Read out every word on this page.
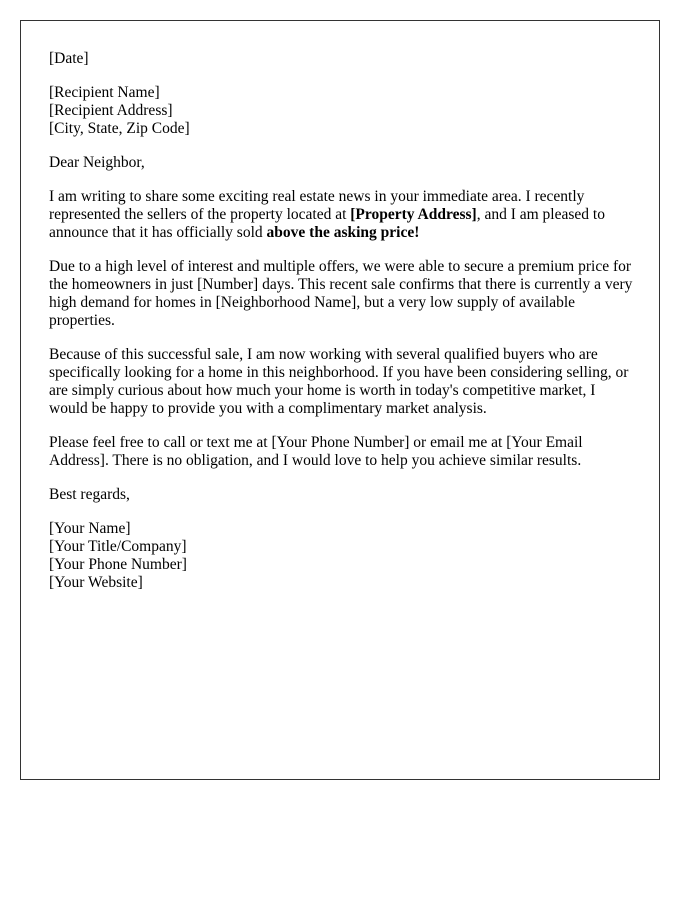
[Date]
[Recipient Name]
[Recipient Address]
[City, State, Zip Code]

Dear Neighbor,

I am writing to share some exciting real estate news in your immediate area. I recently represented the sellers of the property located at [Property Address], and I am pleased to announce that it has officially sold above the asking price!

Due to a high level of interest and multiple offers, we were able to secure a premium price for the homeowners in just [Number] days. This recent sale confirms that there is currently a very high demand for homes in [Neighborhood Name], but a very low supply of available properties.

Because of this successful sale, I am now working with several qualified buyers who are specifically looking for a home in this neighborhood. If you have been considering selling, or are simply curious about how much your home is worth in today's competitive market, I would be happy to provide you with a complimentary market analysis.

Please feel free to call or text me at [Your Phone Number] or email me at [Your Email Address]. There is no obligation, and I would love to help you achieve similar results.

Best regards,

[Your Name]
[Your Title/Company]
[Your Phone Number]
[Your Website]
